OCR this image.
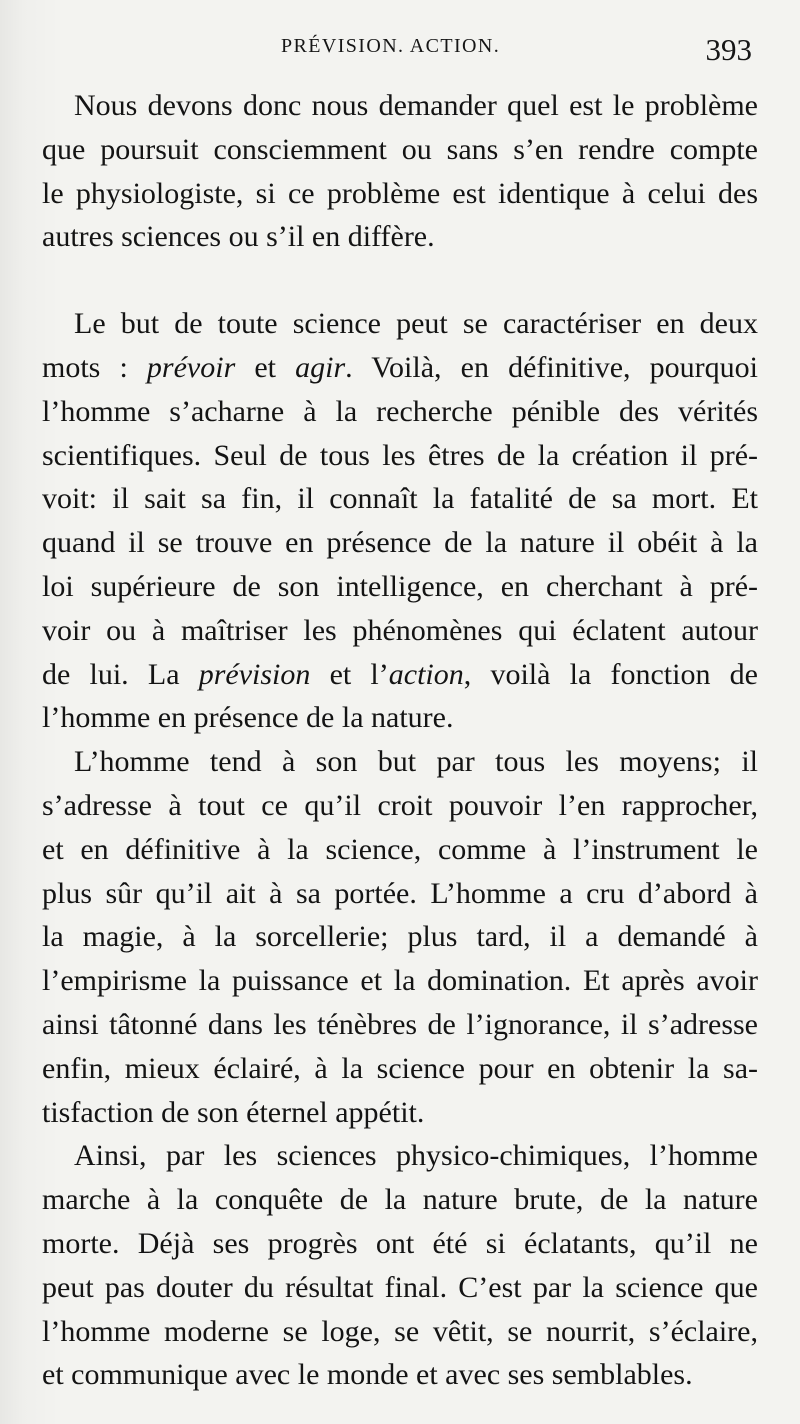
PRÉVISION. ACTION.	393

Nous devons donc nous demander quel est le problème
que poursuit consciemment ou sans s’en rendre compte
le physiologiste, si ce problème est identique à celui des
autres sciences ou s’il en diffère.

Le but de toute science peut se caractériser en deux
mots : prévoir et agir. Voilà, en définitive, pourquoi
l’homme s’acharne à la recherche pénible des vérités
scientifiques. Seul de tous les êtres de la création il pré-
voit: il sait sa fin, il connaît la fatalité de sa mort. Et
quand il se trouve en présence de la nature il obéit à la
loi supérieure de son intelligence, en cherchant à pré-
voir ou à maîtriser les phénomènes qui éclatent autour
de lui. La prévision et l’action, voilà la fonction de
l’homme en présence de la nature.

L’homme tend à son but par tous les moyens; il
s’adresse à tout ce qu’il croit pouvoir l’en rapprocher,
et en définitive à la science, comme à l’instrument le
plus sûr qu’il ait à sa portée. L’homme a cru d’abord à
la magie, à la sorcellerie; plus tard, il a demandé à
l’empirisme la puissance et la domination. Et après avoir
ainsi tâtonné dans les ténèbres de l’ignorance, il s’adresse
enfin, mieux éclairé, à la science pour en obtenir la sa-
tisfaction de son éternel appétit.

Ainsi, par les sciences physico-chimiques, l’homme
marche à la conquête de la nature brute, de la nature
morte. Déjà ses progrès ont été si éclatants, qu’il ne
peut pas douter du résultat final. C’est par la science que
l’homme moderne se loge, se vêtit, se nourrit, s’éclaire,
et communique avec le monde et avec ses semblables.
